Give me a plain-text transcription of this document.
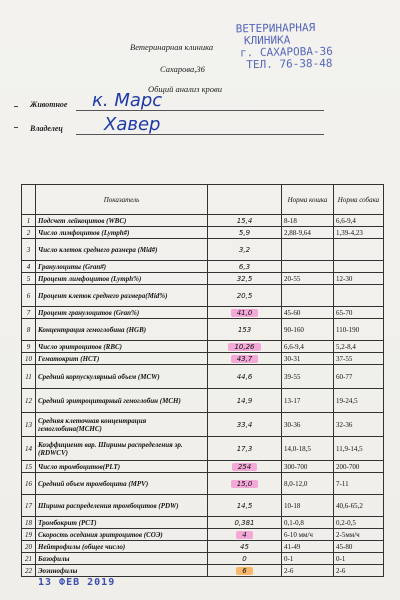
Ветеринарная клиника
Сахарова,36
Общий анализ крови
ВЕТЕРИНАРНАЯ
КЛИНИКА
г. САХАРОВА-36
ТЕЛ. 76-38-48
Животное к. Марс
Владелец Хавер
	Показатель		Норма кошка	Норма собака
1	Подсчет лейкоцитов (WBC)	15,4	8-18	6,6-9,4
2	Число лимфоцитов (Lymph#)	5,9	2,88-9,64	1,39-4,23
3	Число клеток среднего размера (Mid#)	3,2		
4	Гранулоциты (Gran#)	6,3		
5	Процент лимфоцитов (Lymph%)	32,5	20-55	12-30
6	Процент клеток среднего размера(Mid%)	20,5		
7	Процент гранулоцитов (Gran%)	41,0	45-60	65-70
8	Концентрация гемоглобина (HGB)	153	90-160	110-190
9	Число эритроцитов (RBC)	10,26	6,6-9,4	5,2-8,4
10	Гематокрит (HCT)	43,7	30-31	37-55
11	Средний корпускулярный объем (MCW)	44,6	39-55	60-77
12	Средний эритроцитарный гемоглобин (MCH)	14,9	13-17	19-24,5
13	Средняя клеточная концентрация гемоглобина(MCHC)	33,4	30-36	32-36
14	Коэффициент вар. Ширины распределения эр. (RDWCV)	17,3	14,0-18,5	11,9-14,5
15	Число тромбоцитов(PLT)	254	300-700	200-700
16	Средний объем тромбоцита (MPV)	15,0	8,0-12,0	7-11
17	Ширина распределения тромбоцитов (PDW)	14,5	10-18	40,6-65,2
18	Тромбокрит (PCT)	0,381	0,1-0,8	0,2-0,5
19	Скорость оседания эритроцитов (СОЭ)	4	6-10 мм/ч	2-5мм/ч
20	Нейтрофилы (общее число)	45	41-49	45-80
21	Базофилы	0	0-1	0-1
22	Эозинофилы	6	2-6	2-6
13 ФЕВ 2019
